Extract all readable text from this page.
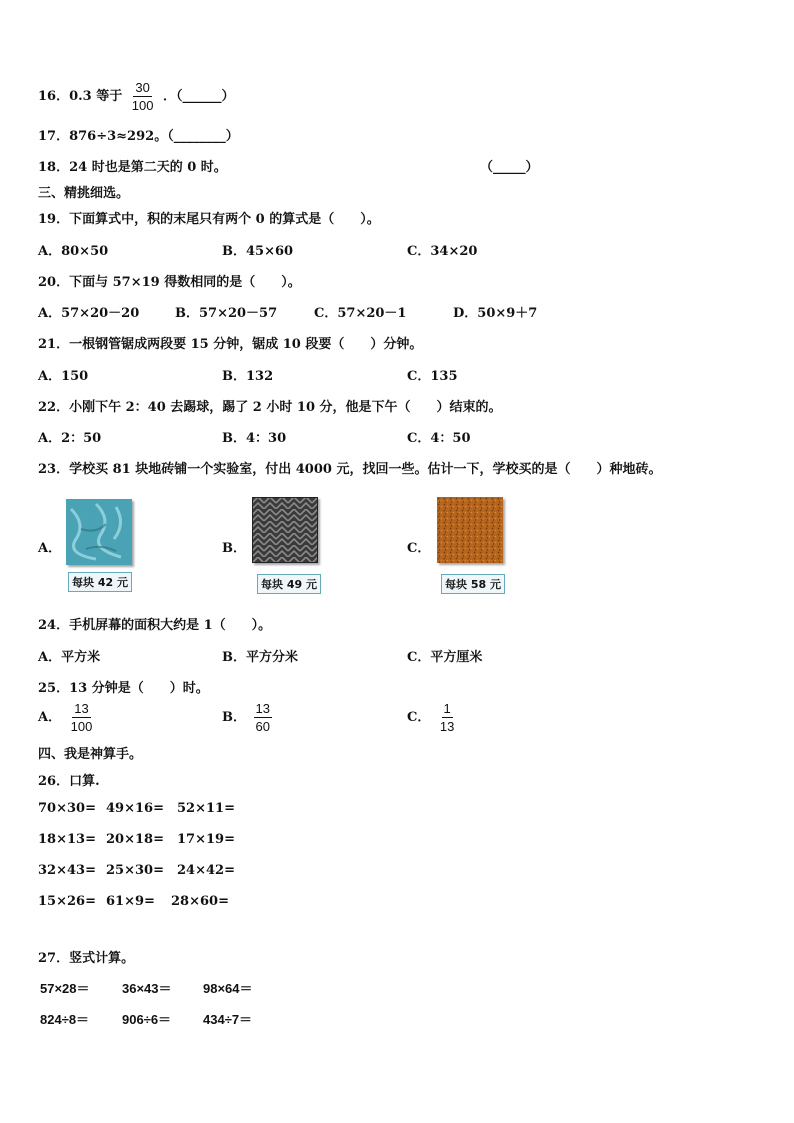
16．0.3 等于 $\frac{30}{100}$ ．（______）
17．876÷3≈292。（________）
18．24 时也是第二天的 0 时。	（_____）
三、精挑细选。
19．下面算式中，积的末尾只有两个 0 的算式是（　　）。
A．80×50	B．45×60	C．34×20
20．下面与 57×19 得数相同的是（　　）。
A．57×20－20	B．57×20－57	C．57×20－1	D．50×9＋7
21．一根钢管锯成两段要 15 分钟，锯成 10 段要（　　）分钟。
A．150	B．132	C．135
22．小刚下午 2：40 去踢球，踢了 2 小时 10 分，他是下午（　　）结束的。
A．2：50	B．4：30	C．4：50
23．学校买 81 块地砖铺一个实验室，付出 4000 元，找回一些。估计一下，学校买的是（　　）种地砖。
A．
每块 42 元
B．
每块 49 元
C．
每块 58 元
24．手机屏幕的面积大约是 1（　　）。
A．平方米	B．平方分米	C．平方厘米
25．13 分钟是（　　）时。
A． $\frac{13}{100}$	B． $\frac{13}{60}$	C． $\frac{1}{13}$
四、我是神算手。
26．口算.
70×30= 49×16= 52×11=
18×13= 20×18= 17×19=
32×43= 25×30= 24×42=
15×26= 61×9= 28×60=
27．竖式计算。
57×28＝ 36×43＝ 98×64＝
824÷8＝	906÷6＝ 434÷7＝
